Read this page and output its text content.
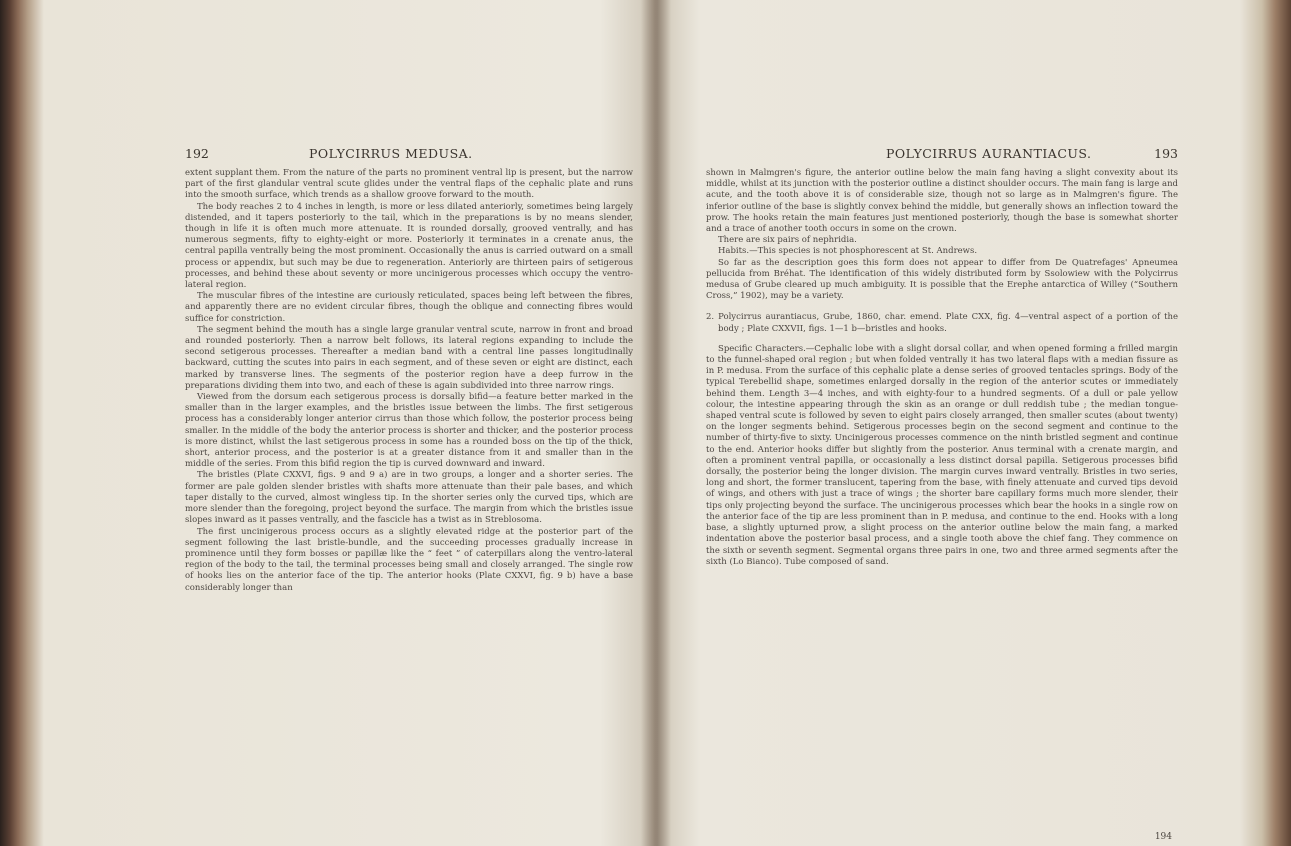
192	POLYCIRRUS MEDUSA.

extent supplant them. From the nature of the parts no prominent ventral lip is present, but the narrow part of the first glandular ventral scute glides under the ventral flaps of the cephalic plate and runs into the smooth surface, which trends as a shallow groove forward to the mouth.

The body reaches 2 to 4 inches in length, is more or less dilated anteriorly, sometimes being largely distended, and it tapers posteriorly to the tail, which in the preparations is by no means slender, though in life it is often much more attenuate. It is rounded dorsally, grooved ventrally, and has numerous segments, fifty to eighty-eight or more. Posteriorly it terminates in a crenate anus, the central papilla ventrally being the most prominent. Occasionally the anus is carried outward on a small process or appendix, but such may be due to regeneration. Anteriorly are thirteen pairs of setigerous processes, and behind these about seventy or more uncinigerous processes which occupy the ventro-lateral region.

The muscular fibres of the intestine are curiously reticulated, spaces being left between the fibres, and apparently there are no evident circular fibres, though the oblique and connecting fibres would suffice for constriction.

The segment behind the mouth has a single large granular ventral scute, narrow in front and broad and rounded posteriorly. Then a narrow belt follows, its lateral regions expanding to include the second setigerous processes. Thereafter a median band with a central line passes longitudinally backward, cutting the scutes into pairs in each segment, and of these seven or eight are distinct, each marked by transverse lines. The segments of the posterior region have a deep furrow in the preparations dividing them into two, and each of these is again subdivided into three narrow rings.

Viewed from the dorsum each setigerous process is dorsally bifid—a feature better marked in the smaller than in the larger examples, and the bristles issue between the limbs. The first setigerous process has a considerably longer anterior cirrus than those which follow, the posterior process being smaller. In the middle of the body the anterior process is shorter and thicker, and the posterior process is more distinct, whilst the last setigerous process in some has a rounded boss on the tip of the thick, short, anterior process, and the posterior is at a greater distance from it and smaller than in the middle of the series. From this bifid region the tip is curved downward and inward.

The bristles (Plate CXXVI, figs. 9 and 9 a) are in two groups, a longer and a shorter series. The former are pale golden slender bristles with shafts more attenuate than their pale bases, and which taper distally to the curved, almost wingless tip. In the shorter series only the curved tips, which are more slender than the foregoing, project beyond the surface. The margin from which the bristles issue slopes inward as it passes ventrally, and the fascicle has a twist as in Streblosoma.

The first uncinigerous process occurs as a slightly elevated ridge at the posterior part of the segment following the last bristle-bundle, and the succeeding processes gradually increase in prominence until they form bosses or papillæ like the “ feet ” of caterpillars along the ventro-lateral region of the body to the tail, the terminal processes being small and closely arranged. The single row of hooks lies on the anterior face of the tip. The anterior hooks (Plate CXXVI, fig. 9 b) have a base considerably longer than

POLYCIRRUS AURANTIACUS.	193

shown in Malmgren's figure, the anterior outline below the main fang having a slight convexity about its middle, whilst at its junction with the posterior outline a distinct shoulder occurs. The main fang is large and acute, and the tooth above it is of considerable size, though not so large as in Malmgren's figure. The inferior outline of the base is slightly convex behind the middle, but generally shows an inflection toward the prow. The hooks retain the main features just mentioned posteriorly, though the base is somewhat shorter and a trace of another tooth occurs in some on the crown.

There are six pairs of nephridia.

Habits.—This species is not phosphorescent at St. Andrews.

So far as the description goes this form does not appear to differ from De Quatrefages' Apneumea pellucida from Bréhat. The identification of this widely distributed form by Ssolowiew with the Polycirrus medusa of Grube cleared up much ambiguity. It is possible that the Erephe antarctica of Willey (“Southern Cross,” 1902), may be a variety.

2. Polycirrus aurantiacus, Grube, 1860, char. emend. Plate CXX, fig. 4—ventral aspect of a portion of the body ; Plate CXXVII, figs. 1—1 b—bristles and hooks.

Specific Characters.—Cephalic lobe with a slight dorsal collar, and when opened forming a frilled margin to the funnel-shaped oral region ; but when folded ventrally it has two lateral flaps with a median fissure as in P. medusa. From the surface of this cephalic plate a dense series of grooved tentacles springs. Body of the typical Terebellid shape, sometimes enlarged dorsally in the region of the anterior scutes or immediately behind them. Length 3—4 inches, and with eighty-four to a hundred segments. Of a dull or pale yellow colour, the intestine appearing through the skin as an orange or dull reddish tube ; the median tongue-shaped ventral scute is followed by seven to eight pairs closely arranged, then smaller scutes (about twenty) on the longer segments behind. Setigerous processes begin on the second segment and continue to the number of thirty-five to sixty. Uncinigerous processes commence on the ninth bristled segment and continue to the end. Anterior hooks differ but slightly from the posterior. Anus terminal with a crenate margin, and often a prominent ventral papilla, or occasionally a less distinct dorsal papilla. Setigerous processes bifid dorsally, the posterior being the longer division. The margin curves inward ventrally. Bristles in two series, long and short, the former translucent, tapering from the base, with finely attenuate and curved tips devoid of wings, and others with just a trace of wings ; the shorter bare capillary forms much more slender, their tips only projecting beyond the surface. The uncinigerous processes which bear the hooks in a single row on the anterior face of the tip are less prominent than in P. medusa, and continue to the end. Hooks with a long base, a slightly upturned prow, a slight process on the anterior outline below the main fang, a marked indentation above the posterior basal process, and a single tooth above the chief fang. They commence on the sixth or seventh segment. Segmental organs three pairs in one, two and three armed segments after the sixth (Lo Bianco). Tube composed of sand.

194
